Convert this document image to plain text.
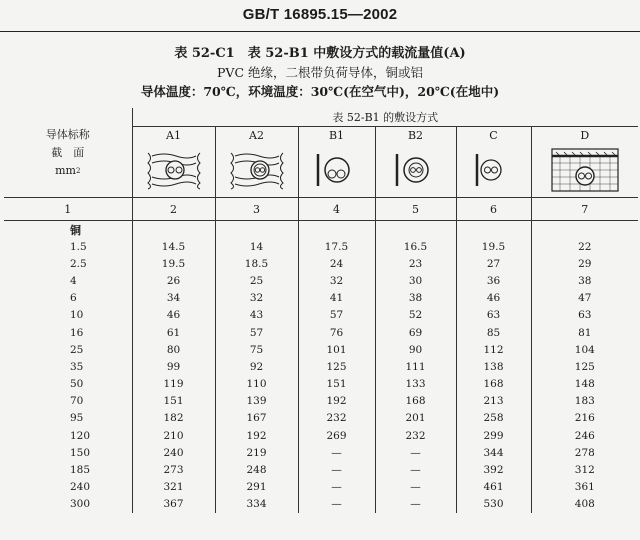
GB/T 16895.15—2002
表 52-C1　表 52-B1 中敷设方式的载流量值(A)
PVC 绝缘，二根带负荷导体，铜或铝
导体温度：70℃，环境温度：30℃(在空气中)，20℃(在地中)
导体标称
截　面
$mm^2$	表 52-B1 的敷设方式					
	A1	A2	B1	B2	C	D

1	2	3	4	5	6	7
铜						
1.5	14.5	14	17.5	16.5	19.5	22
2.5	19.5	18.5	24	23	27	29
4	26	25	32	30	36	38
6	34	32	41	38	46	47
10	46	43	57	52	63	63
16	61	57	76	69	85	81
25	80	75	101	90	112	104
35	99	92	125	111	138	125
50	119	110	151	133	168	148
70	151	139	192	168	213	183
95	182	167	232	201	258	216
120	210	192	269	232	299	246
150	240	219	—	—	344	278
185	273	248	—	—	392	312
240	321	291	—	—	461	361
300	367	334	—	—	530	408
